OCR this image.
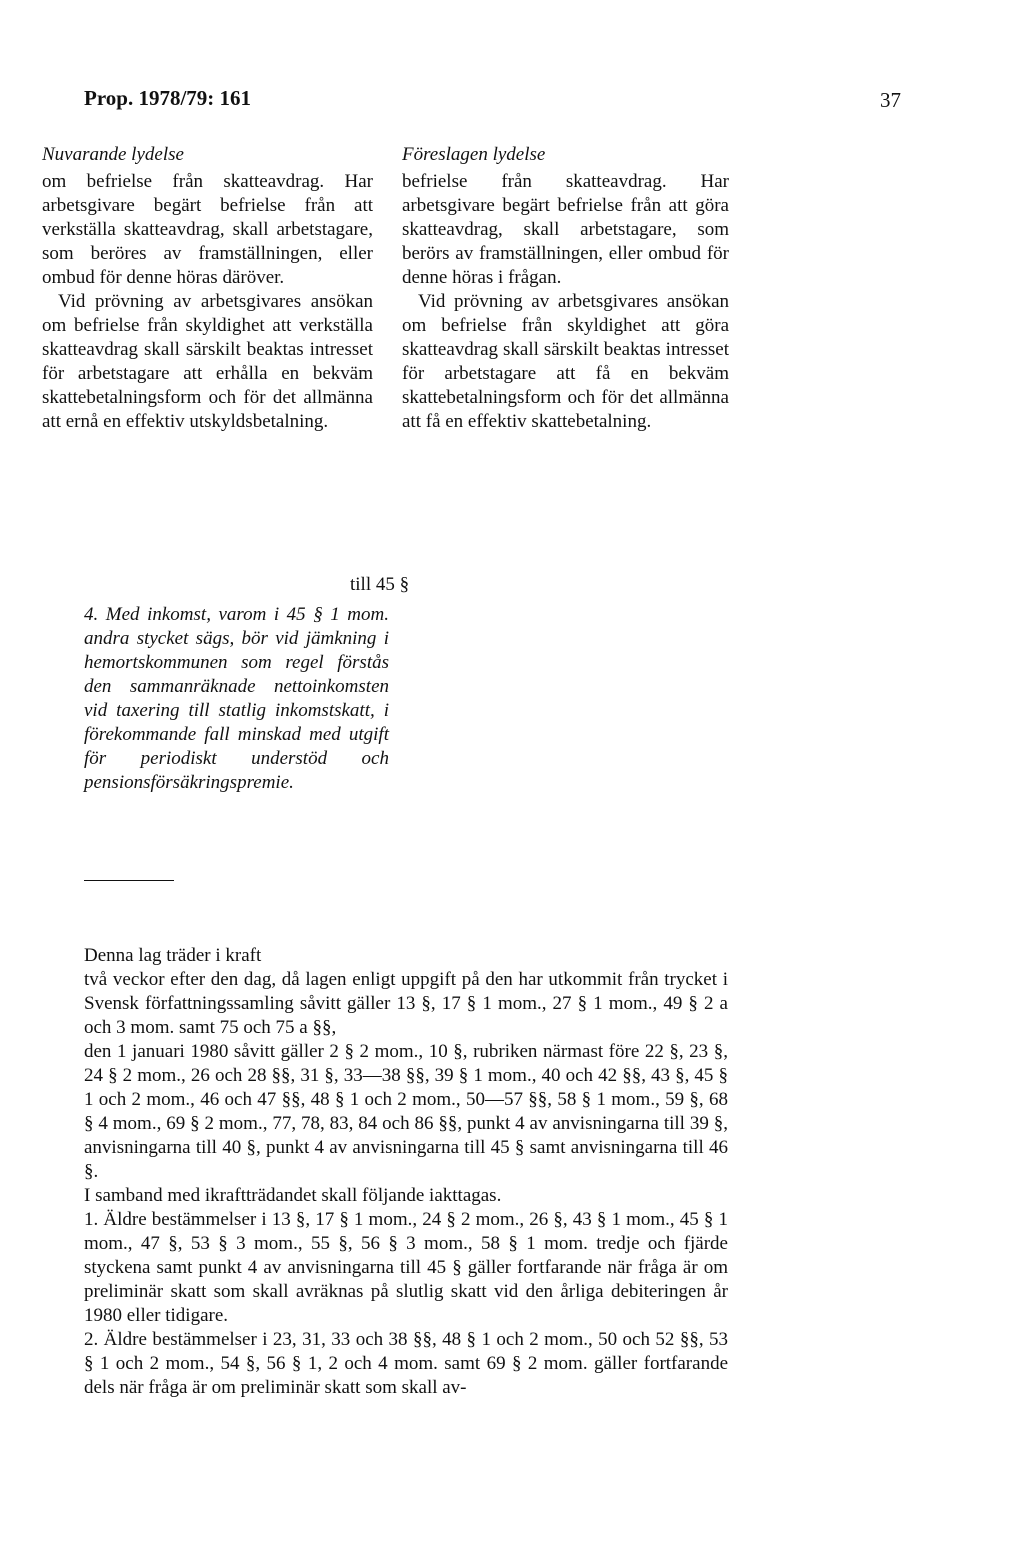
Prop. 1978/79: 161	37
Nuvarande lydelse	Föreslagen lydelse

om befrielse från skatteavdrag. Har arbetsgivare begärt befrielse från att verkställa skatteavdrag, skall arbetstagare, som beröres av framställningen, eller ombud för denne höras däröver.

Vid prövning av arbetsgivares ansökan om befrielse från skyldighet att verkställa skatteavdrag skall särskilt beaktas intresset för arbetstagare att erhålla en bekväm skattebetalningsform och för det allmänna att ernå en effektiv utskyldsbetalning.

befrielse från skatteavdrag. Har arbetsgivare begärt befrielse från att göra skatteavdrag, skall arbetstagare, som berörs av framställningen, eller ombud för denne höras i frågan.

Vid prövning av arbetsgivares ansökan om befrielse från skyldighet att göra skatteavdrag skall särskilt beaktas intresset för arbetstagare att få en bekväm skattebetalningsform och för det allmänna att få en effektiv skattebetalning.

till 45 §

4. Med inkomst, varom i 45 § 1 mom. andra stycket sägs, bör vid jämkning i hemortskommunen som regel förstås den sammanräknade nettoinkomsten vid taxering till statlig inkomstskatt, i förekommande fall minskad med utgift för periodiskt understöd och pensionsförsäkringspremie.

Denna lag träder i kraft

två veckor efter den dag, då lagen enligt uppgift på den har utkommit från trycket i Svensk författningssamling såvitt gäller 13 §, 17 § 1 mom., 27 § 1 mom., 49 § 2 a och 3 mom. samt 75 och 75 a §§,

den 1 januari 1980 såvitt gäller 2 § 2 mom., 10 §, rubriken närmast före 22 §, 23 §, 24 § 2 mom., 26 och 28 §§, 31 §, 33—38 §§, 39 § 1 mom., 40 och 42 §§, 43 §, 45 § 1 och 2 mom., 46 och 47 §§, 48 § 1 och 2 mom., 50—57 §§, 58 § 1 mom., 59 §, 68 § 4 mom., 69 § 2 mom., 77, 78, 83, 84 och 86 §§, punkt 4 av anvisningarna till 39 §, anvisningarna till 40 §, punkt 4 av anvisningarna till 45 § samt anvisningarna till 46 §.

I samband med ikraftträdandet skall följande iakttagas.

1. Äldre bestämmelser i 13 §, 17 § 1 mom., 24 § 2 mom., 26 §, 43 § 1 mom., 45 § 1 mom., 47 §, 53 § 3 mom., 55 §, 56 § 3 mom., 58 § 1 mom. tredje och fjärde styckena samt punkt 4 av anvisningarna till 45 § gäller fortfarande när fråga är om preliminär skatt som skall avräknas på slutlig skatt vid den årliga debiteringen år 1980 eller tidigare.

2. Äldre bestämmelser i 23, 31, 33 och 38 §§, 48 § 1 och 2 mom., 50 och 52 §§, 53 § 1 och 2 mom., 54 §, 56 § 1, 2 och 4 mom. samt 69 § 2 mom. gäller fortfarande dels när fråga är om preliminär skatt som skall av-
